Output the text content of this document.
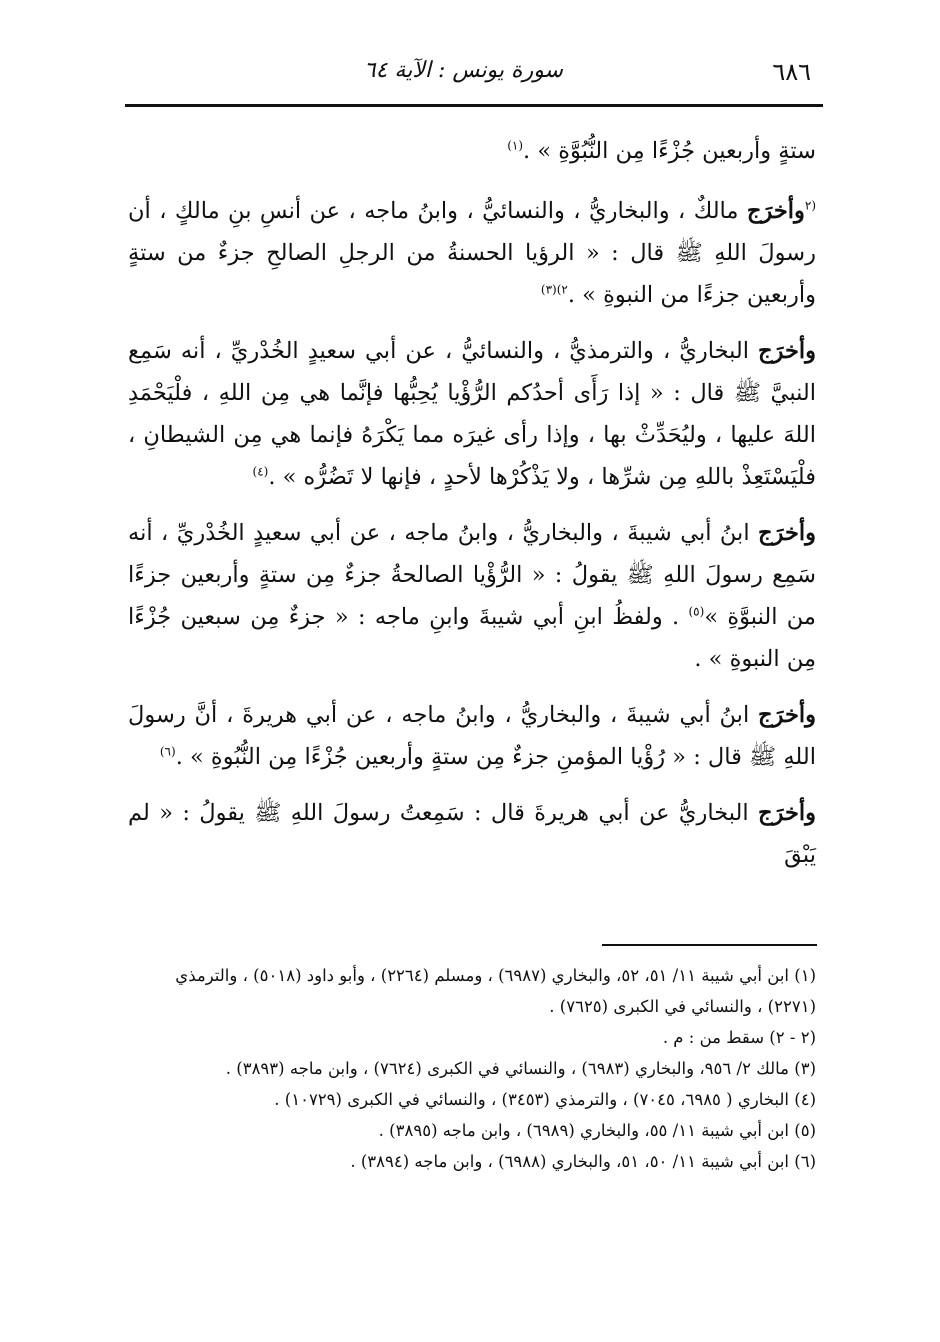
٦٨٦
سورة يونس : الآية ٦٤

ستةٍ وأربعين جُزْءًا مِن النُّبُوَّةِ » .$^{(١)}$

$^{(٢}$وأخرَج مالكٌ ، والبخاريُّ ، والنسائيُّ ، وابنُ ماجه ، عن أنسِ بنِ مالكٍ ، أن رسولَ اللهِ ﷺ قال : « الرؤيا الحسنةُ من الرجلِ الصالحِ جزءٌ من ستةٍ وأربعين جزءًا من النبوةِ » .$^{٢)(٣)}$

وأخرَج البخاريُّ ، والترمذيُّ ، والنسائيُّ ، عن أبي سعيدٍ الخُدْريِّ ، أنه سَمِع النبيَّ ﷺ قال : « إذا رَأَى أحدُكم الرُّؤْيا يُحِبُّها فإنَّما هي مِن اللهِ ، فلْيَحْمَدِ اللهَ عليها ، وليُحَدِّثْ بها ، وإذا رأى غيرَه مما يَكْرَهُ فإنما هي مِن الشيطانِ ، فلْيَسْتَعِذْ باللهِ مِن شرِّها ، ولا يَذْكُرْها لأحدٍ ، فإنها لا تَضُرُّه » .$^{(٤)}$

وأخرَج ابنُ أبي شيبةَ ، والبخاريُّ ، وابنُ ماجه ، عن أبي سعيدٍ الخُدْريِّ ، أنه سَمِع رسولَ اللهِ ﷺ يقولُ : « الرُّؤْيا الصالحةُ جزءٌ مِن ستةٍ وأربعين جزءًا من النبوَّةِ »$^{(٥)}$ . ولفظُ ابنِ أبي شيبةَ وابنِ ماجه : « جزءٌ مِن سبعين جُزْءًا مِن النبوةِ » .

وأخرَج ابنُ أبي شيبةَ ، والبخاريُّ ، وابنُ ماجه ، عن أبي هريرةَ ، أنَّ رسولَ اللهِ ﷺ قال : « رُؤْيا المؤمنِ جزءٌ مِن ستةٍ وأربعين جُزْءًا مِن النُّبُوةِ » .$^{(٦)}$

وأخرَج البخاريُّ عن أبي هريرةَ قال : سَمِعتُ رسولَ اللهِ ﷺ يقولُ : « لم يَبْقَ

(١) ابن أبي شيبة ١١/ ٥١، ٥٢، والبخاري (٦٩٨٧) ، ومسلم (٢٢٦٤) ، وأبو داود (٥٠١٨) ، والترمذي (٢٢٧١) ، والنسائي في الكبرى (٧٦٢٥) .

(٢ - ٢) سقط من : م .

(٣) مالك ٢/ ٩٥٦، والبخاري (٦٩٨٣) ، والنسائي في الكبرى (٧٦٢٤) ، وابن ماجه (٣٨٩٣) .

(٤) البخاري ( ٦٩٨٥، ٧٠٤٥) ، والترمذي (٣٤٥٣) ، والنسائي في الكبرى (١٠٧٢٩) .

(٥) ابن أبي شيبة ١١/ ٥٥، والبخاري (٦٩٨٩) ، وابن ماجه (٣٨٩٥) .

(٦) ابن أبي شيبة ١١/ ٥٠، ٥١، والبخاري (٦٩٨٨) ، وابن ماجه (٣٨٩٤) .
